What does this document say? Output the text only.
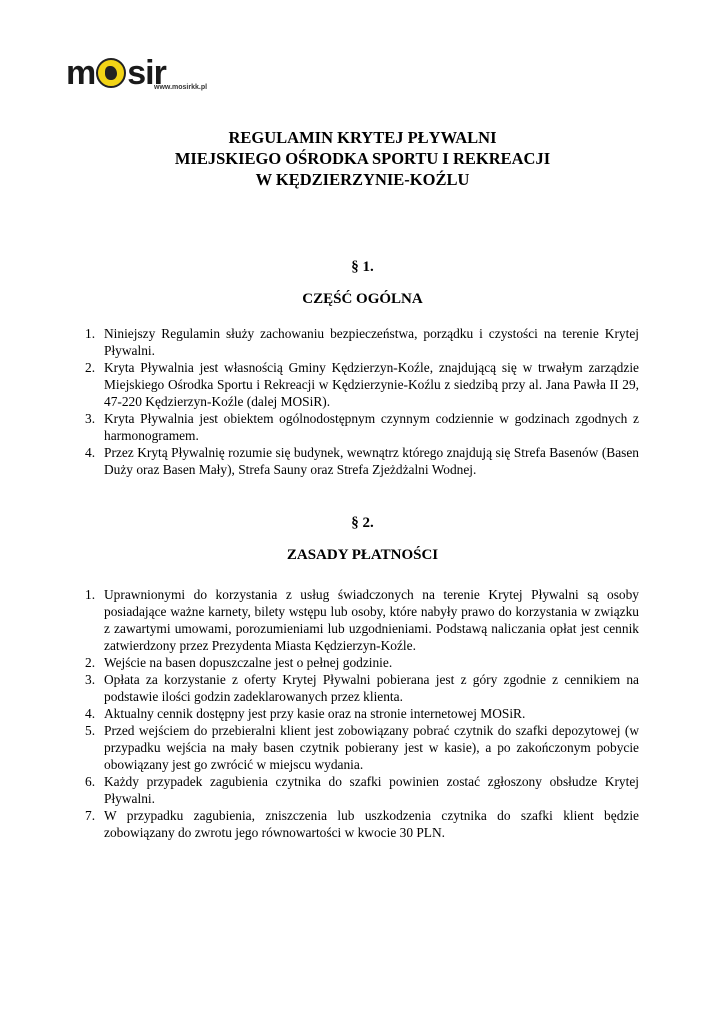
m sir
www.mosirkk.pl
REGULAMIN KRYTEJ PŁYWALNI
MIEJSKIEGO OŚRODKA SPORTU I REKREACJI
W KĘDZIERZYNIE-KOŹLU
§ 1.
CZĘŚĆ OGÓLNA
1. Niniejszy Regulamin służy zachowaniu bezpieczeństwa, porządku i czystości na terenie Krytej Pływalni.
2. Kryta Pływalnia jest własnością Gminy Kędzierzyn-Koźle, znajdującą się w trwałym zarządzie Miejskiego Ośrodka Sportu i Rekreacji w Kędzierzynie-Koźlu z siedzibą przy al. Jana Pawła II 29, 47-220 Kędzierzyn-Koźle (dalej MOSiR).
3. Kryta Pływalnia jest obiektem ogólnodostępnym czynnym codziennie w godzinach zgodnych z harmonogramem.
4. Przez Krytą Pływalnię rozumie się budynek, wewnątrz którego znajdują się Strefa Basenów (Basen Duży oraz Basen Mały), Strefa Sauny oraz Strefa Zjeżdżalni Wodnej.
§ 2.
ZASADY PŁATNOŚCI
1. Uprawnionymi do korzystania z usług świadczonych na terenie Krytej Pływalni są osoby posiadające ważne karnety, bilety wstępu lub osoby, które nabyły prawo do korzystania w związku z zawartymi umowami, porozumieniami lub uzgodnieniami. Podstawą naliczania opłat jest cennik zatwierdzony przez Prezydenta Miasta Kędzierzyn-Koźle.
2. Wejście na basen dopuszczalne jest o pełnej godzinie.
3. Opłata za korzystanie z oferty Krytej Pływalni pobierana jest z góry zgodnie z cennikiem na podstawie ilości godzin zadeklarowanych przez klienta.
4. Aktualny cennik dostępny jest przy kasie oraz na stronie internetowej MOSiR.
5. Przed wejściem do przebieralni klient jest zobowiązany pobrać czytnik do szafki depozytowej (w przypadku wejścia na mały basen czytnik pobierany jest w kasie), a po zakończonym pobycie obowiązany jest go zwrócić w miejscu wydania.
6. Każdy przypadek zagubienia czytnika do szafki powinien zostać zgłoszony obsłudze Krytej Pływalni.
7. W przypadku zagubienia, zniszczenia lub uszkodzenia czytnika do szafki klient będzie zobowiązany do zwrotu jego równowartości w kwocie 30 PLN.
